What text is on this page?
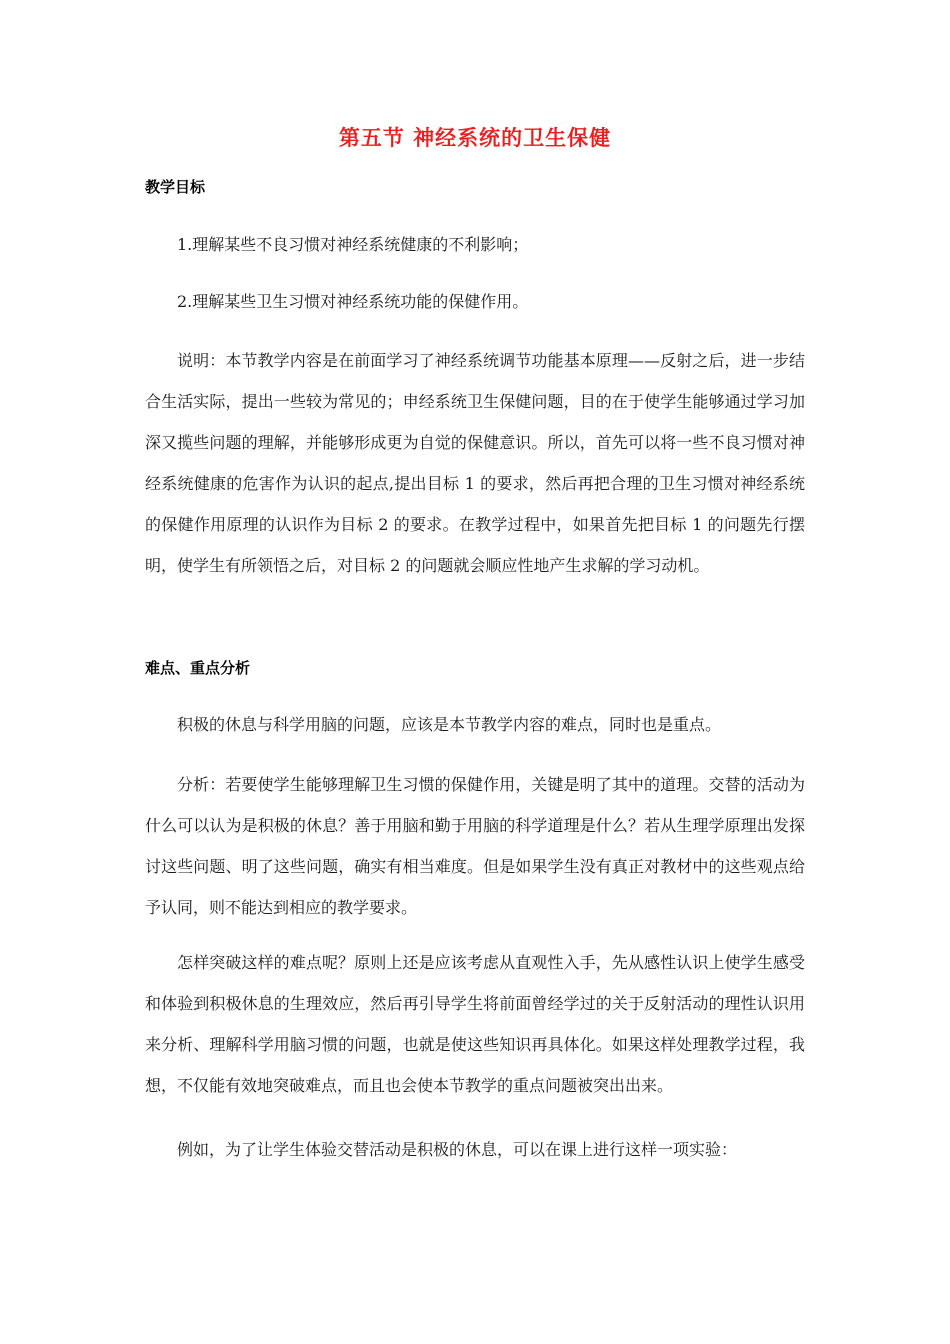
第五节 神经系统的卫生保健
教学目标
1.理解某些不良习惯对神经系统健康的不利影响；
2.理解某些卫生习惯对神经系统功能的保健作用。
说明：本节教学内容是在前面学习了神经系统调节功能基本原理——反射之后，进一步结合生活实际，提出一些较为常见的；申经系统卫生保健问题，目的在于使学生能够通过学习加深又揽些问题的理解，并能够形成更为自觉的保健意识。所以，首先可以将一些不良习惯对神经系统健康的危害作为认识的起点,提出目标 1 的要求，然后再把合理的卫生习惯对神经系统的保健作用原理的认识作为目标 2 的要求。在教学过程中，如果首先把目标 1 的问题先行摆明，使学生有所领悟之后，对目标 2 的问题就会顺应性地产生求解的学习动机。
难点、重点分析
积极的休息与科学用脑的问题，应该是本节教学内容的难点，同时也是重点。
分析：若要使学生能够理解卫生习惯的保健作用，关键是明了其中的道理。交替的活动为什么可以认为是积极的休息？善于用脑和勤于用脑的科学道理是什么？若从生理学原理出发探讨这些问题、明了这些问题，确实有相当难度。但是如果学生没有真正对教材中的这些观点给予认同，则不能达到相应的教学要求。
怎样突破这样的难点呢？原则上还是应该考虑从直观性入手，先从感性认识上使学生感受和体验到积极休息的生理效应，然后再引导学生将前面曾经学过的关于反射活动的理性认识用来分析、理解科学用脑习惯的问题，也就是使这些知识再具体化。如果这样处理教学过程，我想，不仅能有效地突破难点，而且也会使本节教学的重点问题被突出出来。
例如，为了让学生体验交替活动是积极的休息，可以在课上进行这样一项实验：
